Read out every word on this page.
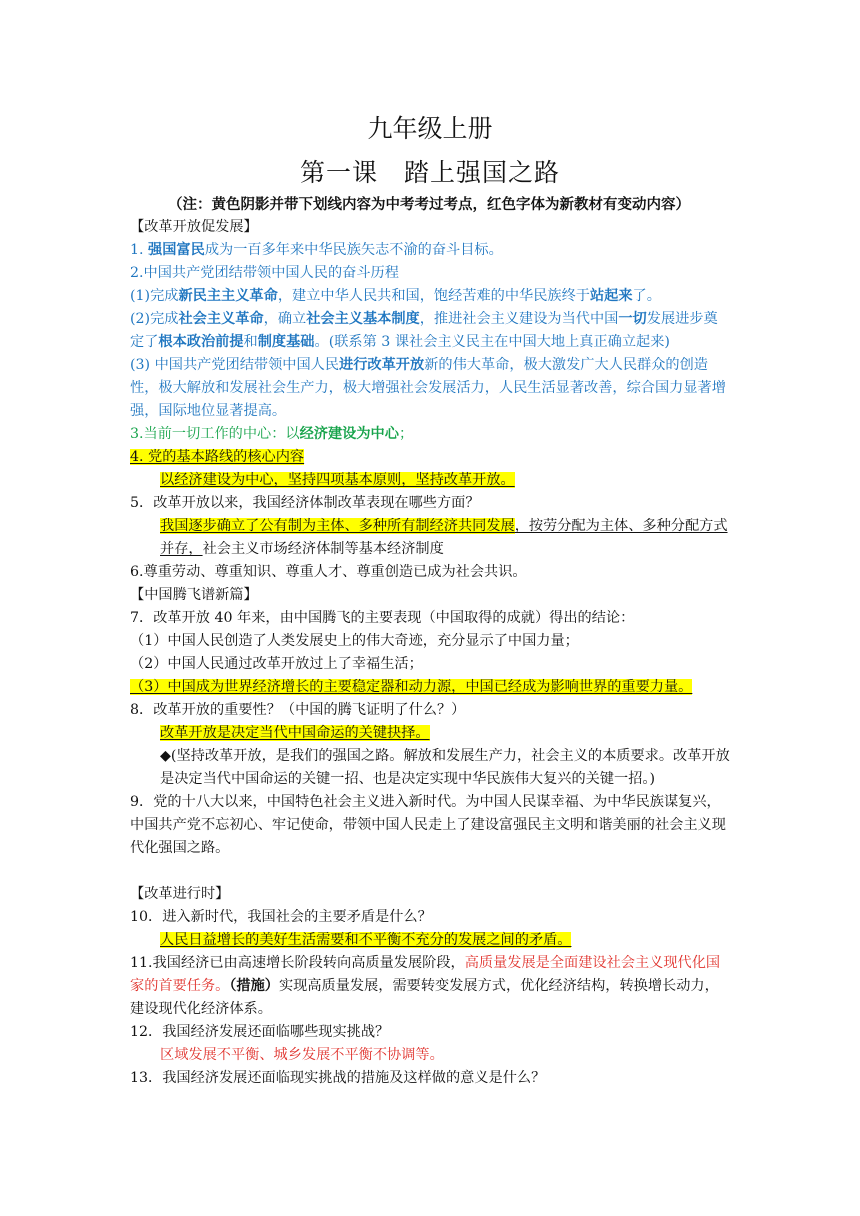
九年级上册
第一课　踏上强国之路
（注：黄色阴影并带下划线内容为中考考过考点，红色字体为新教材有变动内容）

【改革开放促发展】

1. 强国富民成为一百多年来中华民族矢志不渝的奋斗目标。

2.中国共产党团结带领中国人民的奋斗历程

(1)完成新民主主义革命，建立中华人民共和国，饱经苦难的中华民族终于站起来了。

(2)完成社会主义革命，确立社会主义基本制度，推进社会主义建设为当代中国一切发展进步奠定了根本政治前提和制度基础。(联系第 3 课社会主义民主在中国大地上真正确立起来)

(3) 中国共产党团结带领中国人民进行改革开放新的伟大革命，极大激发广大人民群众的创造性，极大解放和发展社会生产力，极大增强社会发展活力，人民生活显著改善，综合国力显著增强，国际地位显著提高。

3.当前一切工作的中心：以经济建设为中心；

4. 党的基本路线的核心内容

以经济建设为中心，坚持四项基本原则，坚持改革开放。

5．改革开放以来，我国经济体制改革表现在哪些方面？

我国逐步确立了公有制为主体、多种所有制经济共同发展，按劳分配为主体、多种分配方式并存，社会主义市场经济体制等基本经济制度

6.尊重劳动、尊重知识、尊重人才、尊重创造已成为社会共识。

【中国腾飞谱新篇】

7．改革开放 40 年来，由中国腾飞的主要表现（中国取得的成就）得出的结论：

（1）中国人民创造了人类发展史上的伟大奇迹，充分显示了中国力量；

（2）中国人民通过改革开放过上了幸福生活；

（3）中国成为世界经济增长的主要稳定器和动力源，中国已经成为影响世界的重要力量。

8．改革开放的重要性？（中国的腾飞证明了什么？）

改革开放是决定当代中国命运的关键抉择。

◆(坚持改革开放，是我们的强国之路。解放和发展生产力，社会主义的本质要求。改革开放是决定当代中国命运的关键一招、也是决定实现中华民族伟大复兴的关键一招。)

9．党的十八大以来，中国特色社会主义进入新时代。为中国人民谋幸福、为中华民族谋复兴，中国共产党不忘初心、牢记使命，带领中国人民走上了建设富强民主文明和谐美丽的社会主义现代化强国之路。

【改革进行时】

10．进入新时代，我国社会的主要矛盾是什么？

人民日益增长的美好生活需要和不平衡不充分的发展之间的矛盾。

11.我国经济已由高速增长阶段转向高质量发展阶段，高质量发展是全面建设社会主义现代化国家的首要任务。（措施）实现高质量发展，需要转变发展方式，优化经济结构，转换增长动力，建设现代化经济体系。

12．我国经济发展还面临哪些现实挑战？

区域发展不平衡、城乡发展不平衡不协调等。

13．我国经济发展还面临现实挑战的措施及这样做的意义是什么？
